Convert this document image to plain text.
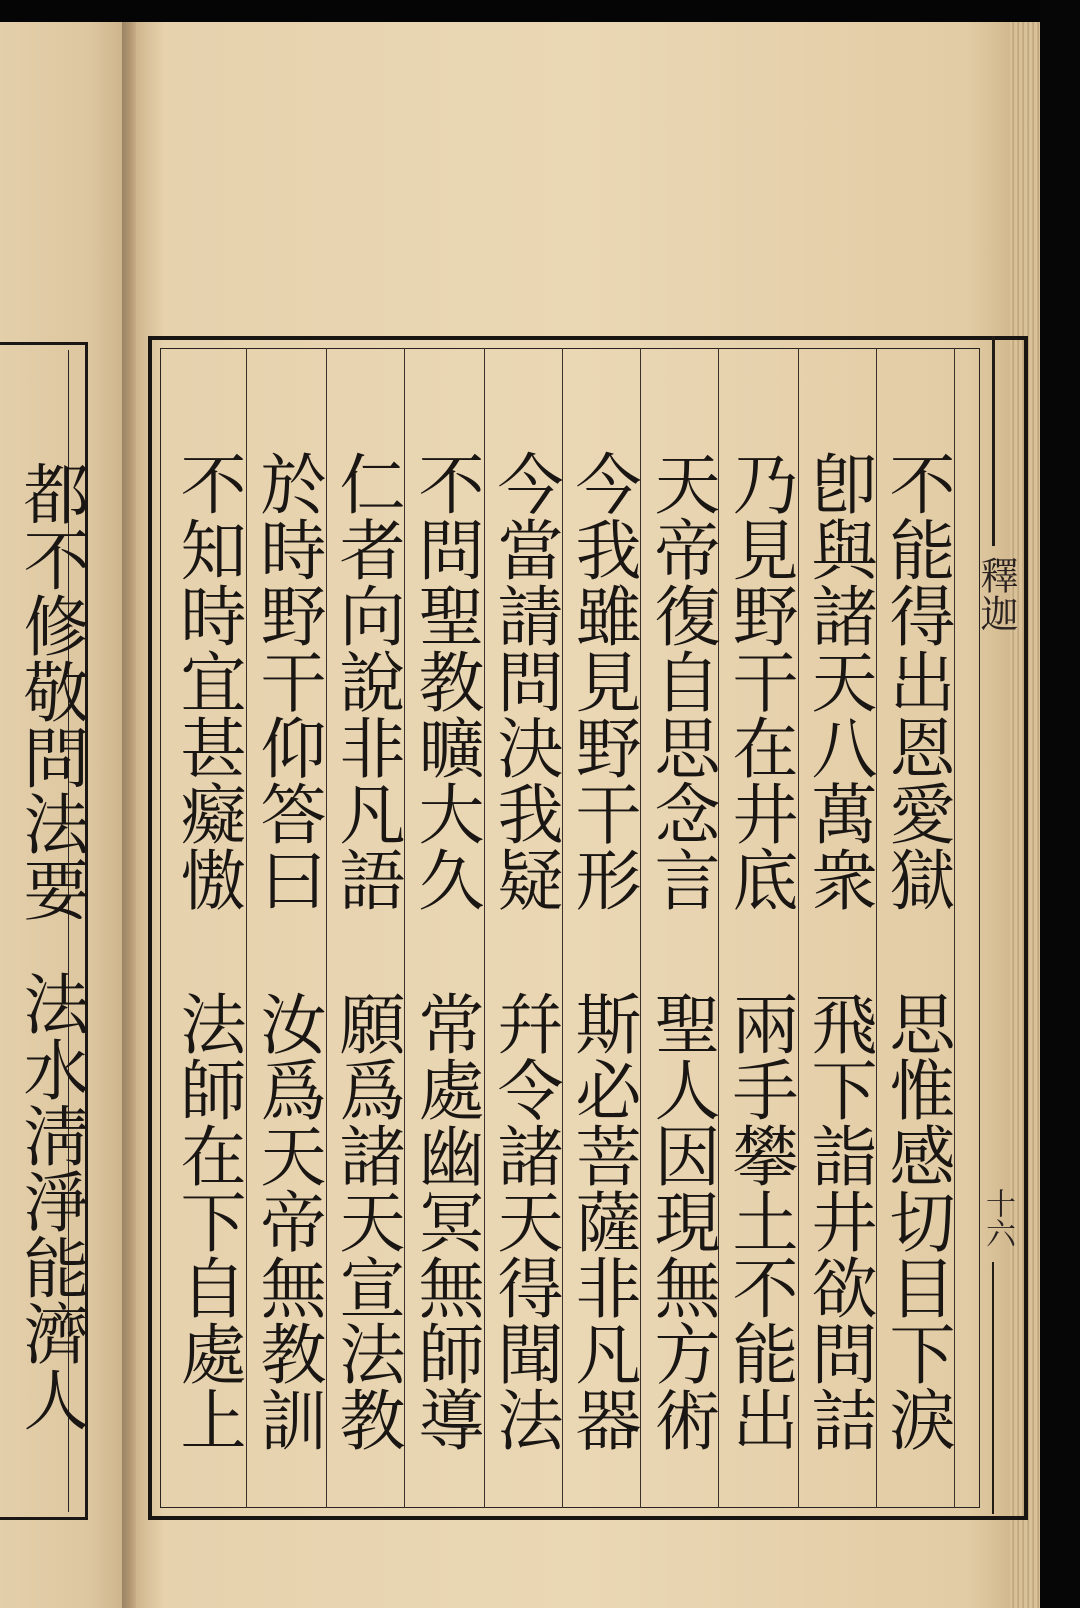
都不修敬問法要
法水淸淨能濟人
不能得出恩愛獄
思惟感切目下淚
卽與諸天八萬衆
飛下詣井欲問詰
乃見野干在井底
兩手攀土不能出
天帝復自思念言
聖人因現無方術
今我雖見野干形
斯必菩薩非凡器
今當請問決我疑
幷令諸天得聞法
不問聖教曠大久
常處幽冥無師導
仁者向說非凡語
願爲諸天宣法教
於時野干仰答曰
汝爲天帝無教訓
不知時宜甚癡慠
法師在下自處上
釋迦
十六
